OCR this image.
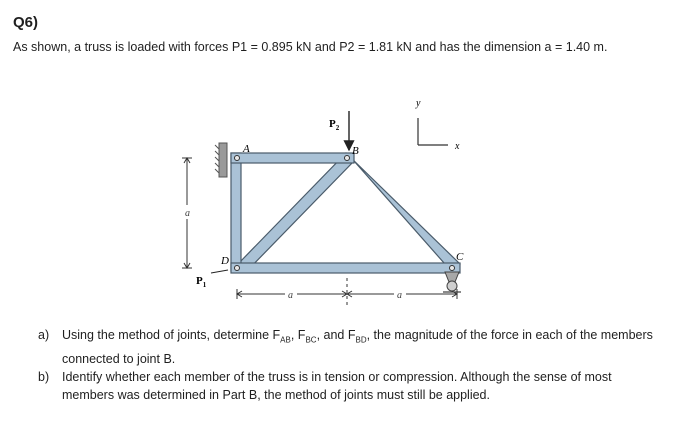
Q6)
As shown, a truss is loaded with forces P1 = 0.895 kN and P2 = 1.81 kN and has the dimension a = 1.40 m.
$P_2$
$P_1$
A	B
C
D
a
a	a
y
x
a) Using the method of joints, determine $F_{AB}$, $F_{BC}$, and $F_{BD}$, the magnitude of the force in each of the members connected to joint B.
b) Identify whether each member of the truss is in tension or compression. Although the sense of most members was determined in Part B, the method of joints must still be applied.
